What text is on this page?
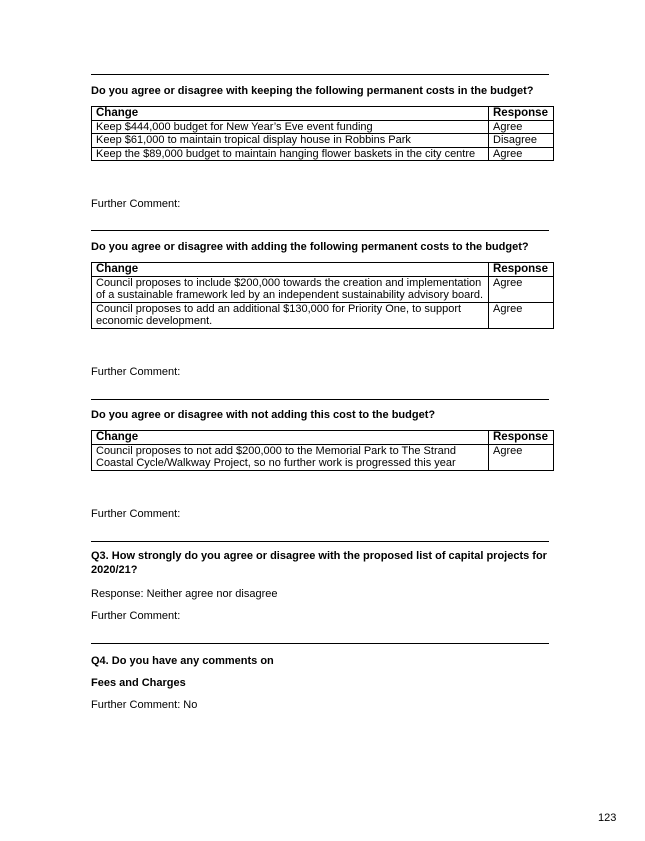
Do you agree or disagree with keeping the following permanent costs in the budget?
Change	Response
Keep $444,000 budget for New Year’s Eve event funding	Agree
Keep $61,000 to maintain tropical display house in Robbins Park	Disagree
Keep the $89,000 budget to maintain hanging flower baskets in the city centre	Agree
Further Comment:
Do you agree or disagree with adding the following permanent costs to the budget?
Change	Response
Council proposes to include $200,000 towards the creation and implementation of a sustainable framework led by an independent sustainability advisory board.	Agree
Council proposes to add an additional $130,000 for Priority One, to support economic development.	Agree
Further Comment:
Do you agree or disagree with not adding this cost to the budget?
Change	Response
Council proposes to not add $200,000 to the Memorial Park to The Strand Coastal Cycle/Walkway Project, so no further work is progressed this year	Agree
Further Comment:
Q3. How strongly do you agree or disagree with the proposed list of capital projects for 2020/21?
Response: Neither agree nor disagree
Further Comment:
Q4. Do you have any comments on
Fees and Charges
Further Comment: No
123
